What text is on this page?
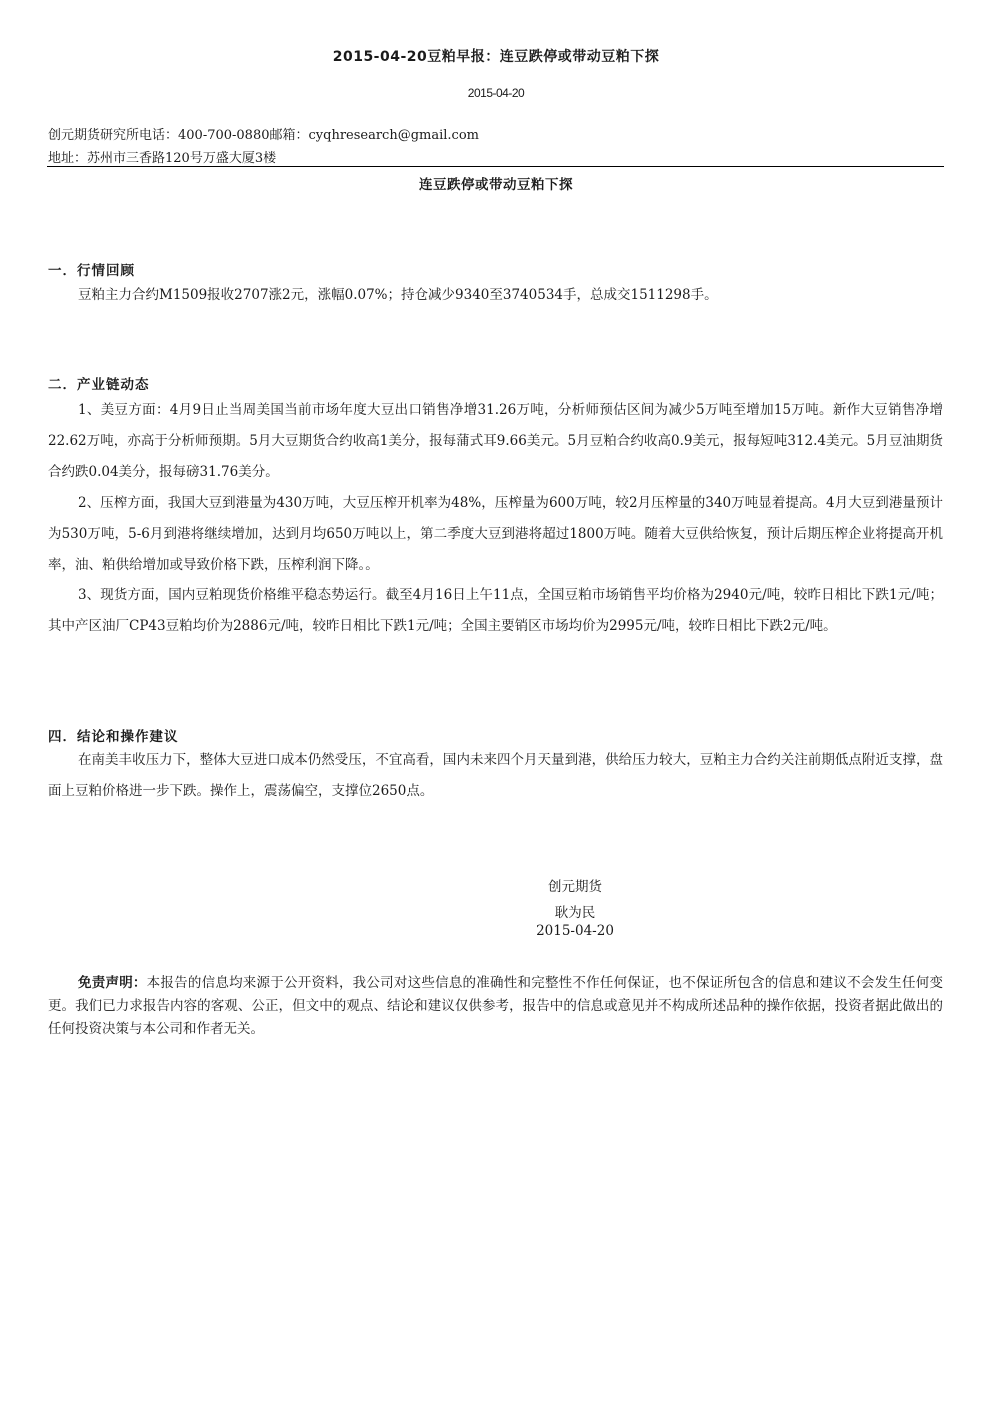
2015-04-20豆粕早报：连豆跌停或带动豆粕下探
2015-04-20
创元期货研究所电话：400-700-0880邮箱：cyqhresearch@gmail.com
地址：苏州市三香路120号万盛大厦3楼
连豆跌停或带动豆粕下探
一．行情回顾

豆粕主力合约M1509报收2707涨2元，涨幅0.07%；持仓减少9340至3740534手，总成交1511298手。

二．产业链动态

1、美豆方面：4月9日止当周美国当前市场年度大豆出口销售净增31.26万吨，分析师预估区间为减少5万吨至增加15万吨。新作大豆销售净增22.62万吨，亦高于分析师预期。5月大豆期货合约收高1美分，报每蒲式耳9.66美元。5月豆粕合约收高0.9美元，报每短吨312.4美元。5月豆油期货合约跌0.04美分，报每磅31.76美分。

2、压榨方面，我国大豆到港量为430万吨，大豆压榨开机率为48%，压榨量为600万吨，较2月压榨量的340万吨显着提高。4月大豆到港量预计为530万吨，5-6月到港将继续增加，达到月均650万吨以上，第二季度大豆到港将超过1800万吨。随着大豆供给恢复，预计后期压榨企业将提高开机率，油、粕供给增加或导致价格下跌，压榨利润下降。。

3、现货方面，国内豆粕现货价格维平稳态势运行。截至4月16日上午11点，全国豆粕市场销售平均价格为2940元/吨，较昨日相比下跌1元/吨；其中产区油厂CP43豆粕均价为2886元/吨，较昨日相比下跌1元/吨；全国主要销区市场均价为2995元/吨，较昨日相比下跌2元/吨。

四．结论和操作建议

在南美丰收压力下，整体大豆进口成本仍然受压，不宜高看，国内未来四个月天量到港，供给压力较大，豆粕主力合约关注前期低点附近支撑，盘面上豆粕价格进一步下跌。操作上，震荡偏空，支撑位2650点。

创元期货
耿为民
2015-04-20

免责声明：本报告的信息均来源于公开资料，我公司对这些信息的准确性和完整性不作任何保证，也不保证所包含的信息和建议不会发生任何变更。我们已力求报告内容的客观、公正，但文中的观点、结论和建议仅供参考，报告中的信息或意见并不构成所述品种的操作依据，投资者据此做出的任何投资决策与本公司和作者无关。
